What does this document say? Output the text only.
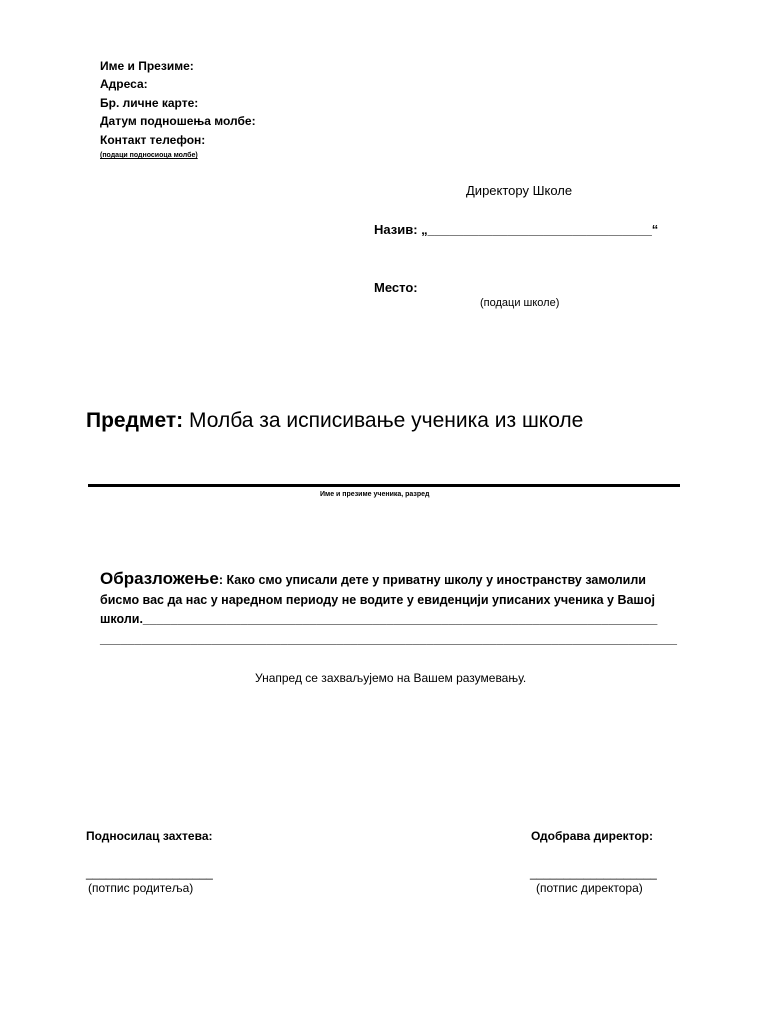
Име и Презиме:
Адреса:
Бр. личне карте:
Датум подношења молбе:
Контакт телефон:
(подаци подносиоца молбе)
Директору Школе
Назив: „_______________________________“
Место:
(подаци школе)
Предмет: Молба за исписивање ученика из школе
Име и презиме ученика, разред
Образложење: Како смо уписали дете у приватну школу у иностранству замолили
бисмо вас да нас у наредном периоду не водите у евиденцији уписаних ученика у Вашој
школи.__________________________________________________________________________
___________________________________________________________________________________
Унапред се захваљујемо на Вашем разумевању.
Подносилац захтева:
___________________
(потпис родитеља)
Одобрава директор:
___________________
(потпис директора)
